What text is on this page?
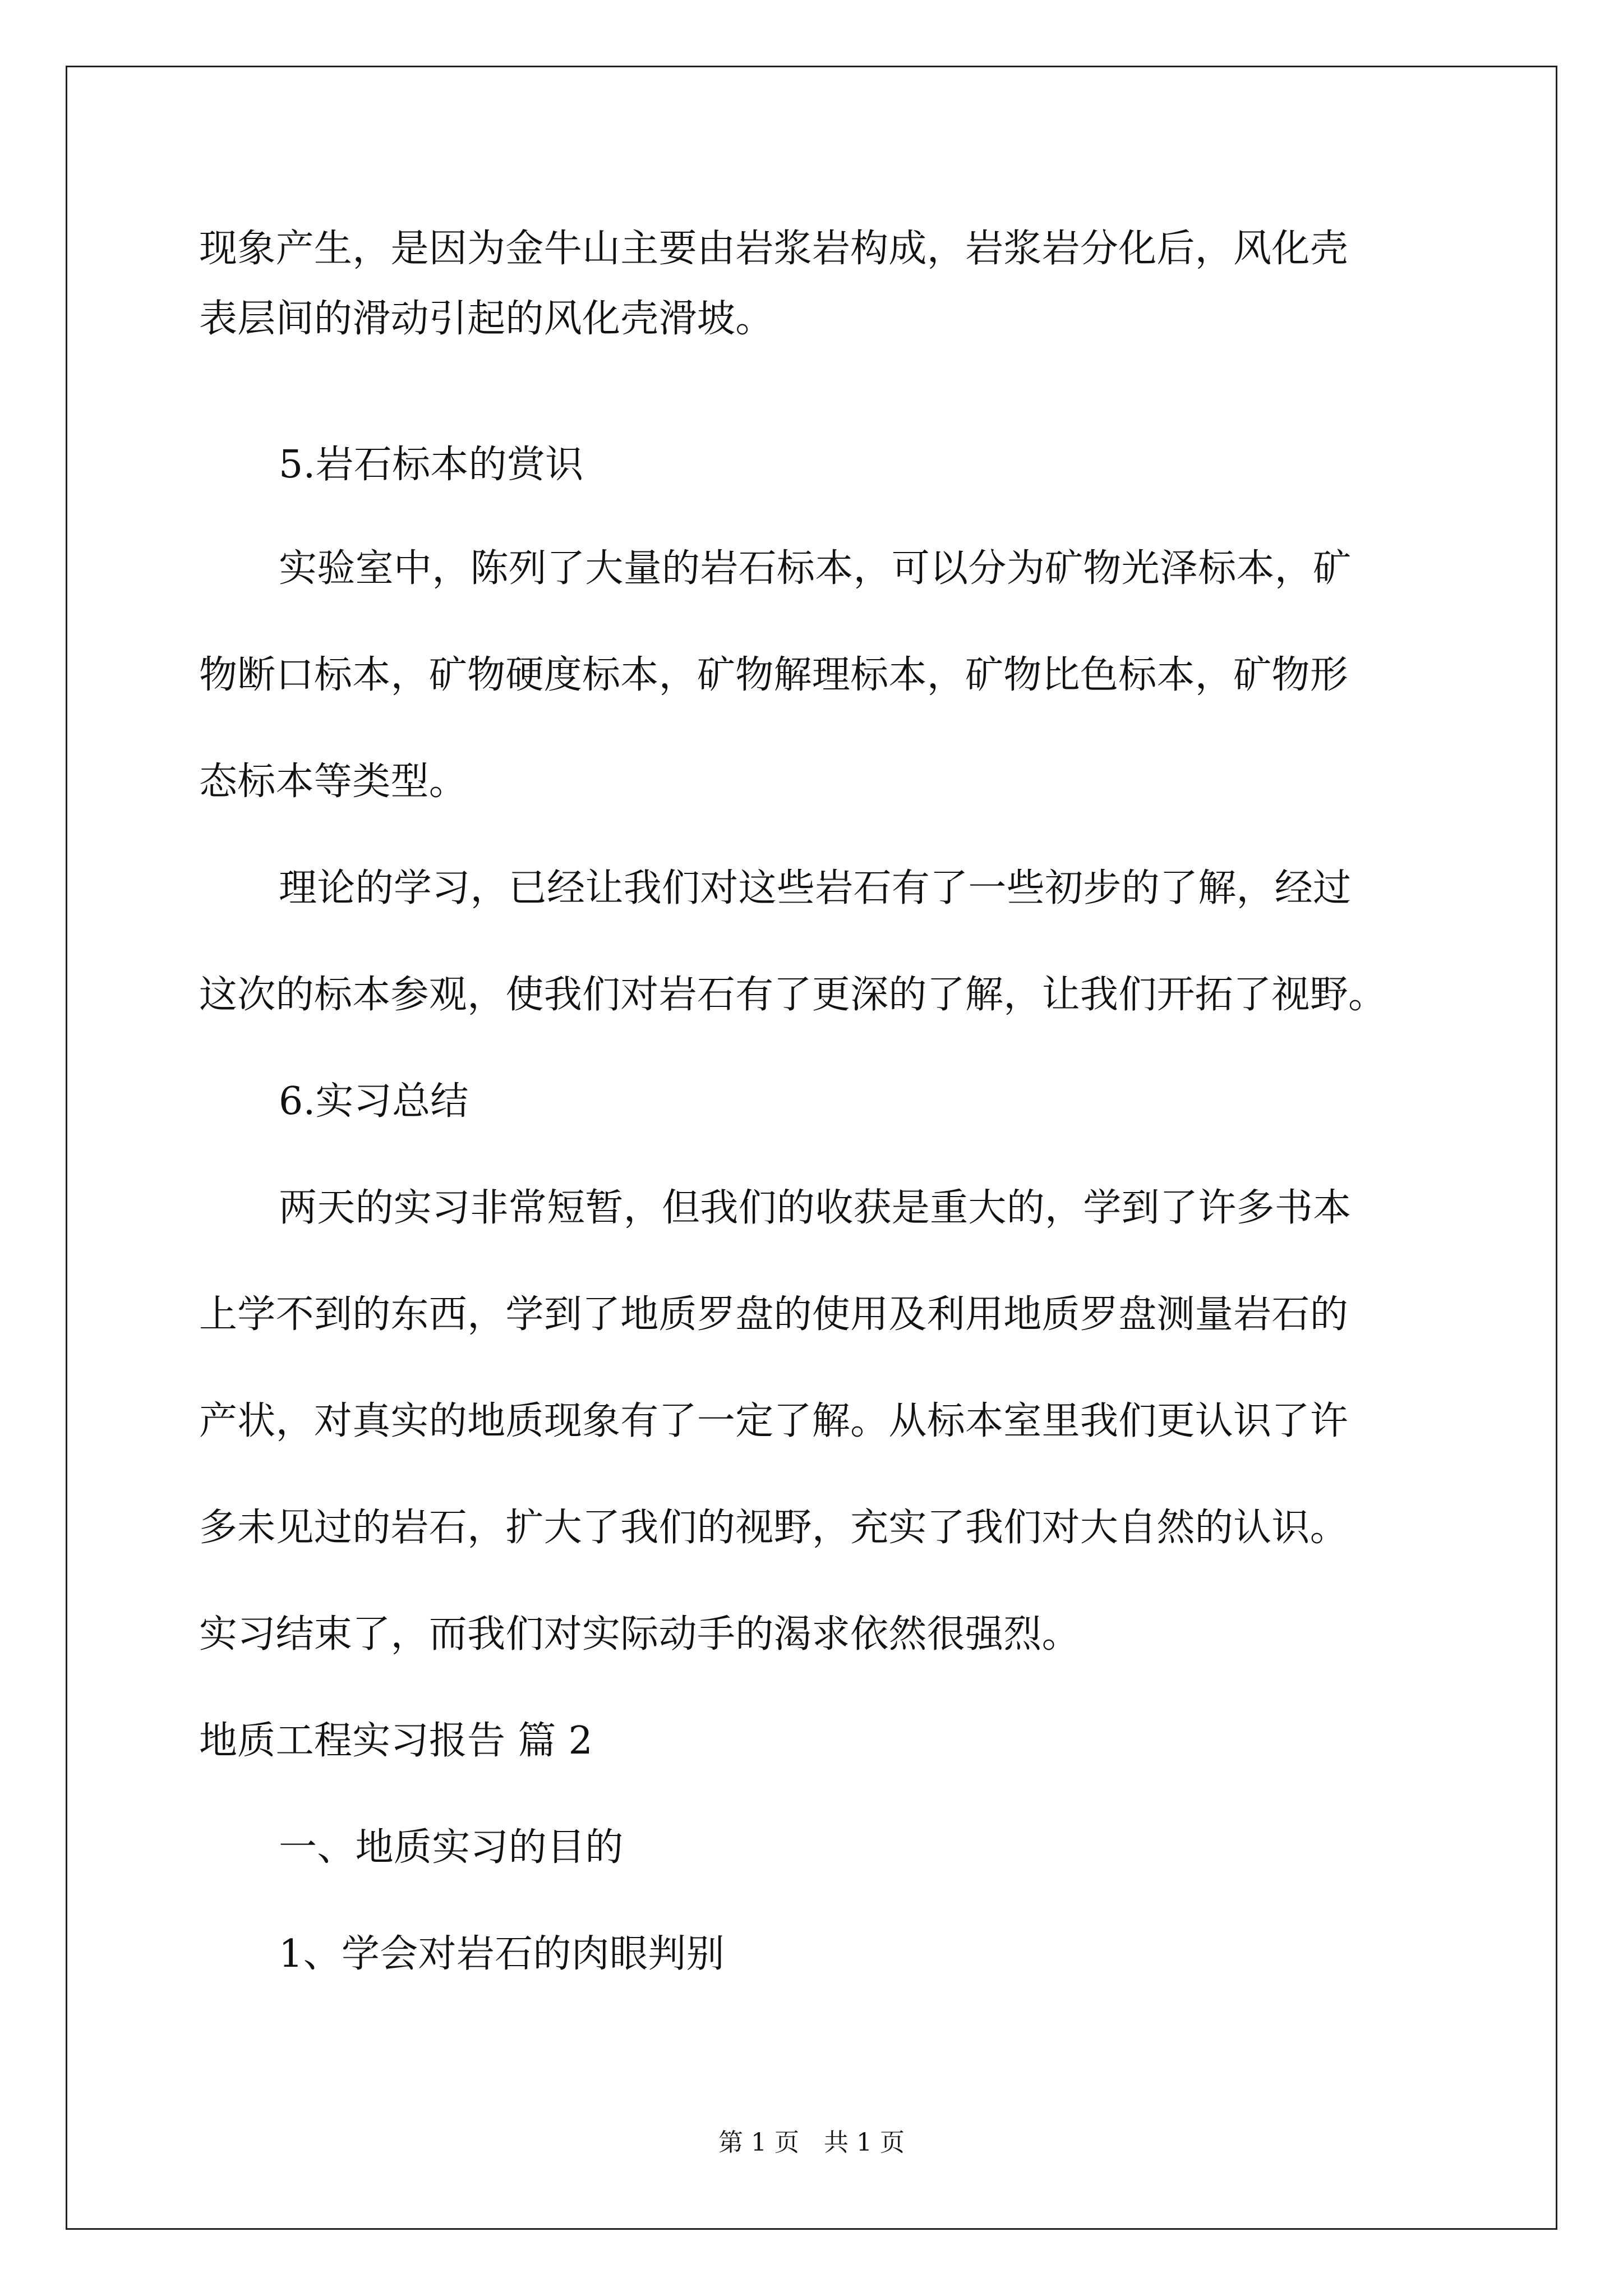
现象产生，是因为金牛山主要由岩浆岩构成，岩浆岩分化后，风化壳
表层间的滑动引起的风化壳滑坡。
5.岩石标本的赏识
实验室中，陈列了大量的岩石标本，可以分为矿物光泽标本，矿
物断口标本，矿物硬度标本，矿物解理标本，矿物比色标本，矿物形
态标本等类型。
理论的学习，已经让我们对这些岩石有了一些初步的了解，经过
这次的标本参观，使我们对岩石有了更深的了解，让我们开拓了视野。
6.实习总结
两天的实习非常短暂，但我们的收获是重大的，学到了许多书本
上学不到的东西，学到了地质罗盘的使用及利用地质罗盘测量岩石的
产状，对真实的地质现象有了一定了解。从标本室里我们更认识了许
多未见过的岩石，扩大了我们的视野，充实了我们对大自然的认识。
实习结束了，而我们对实际动手的渴求依然很强烈。
地质工程实习报告 篇 2
一、地质实习的目的
1、学会对岩石的肉眼判别
第 1 页　共 1 页
